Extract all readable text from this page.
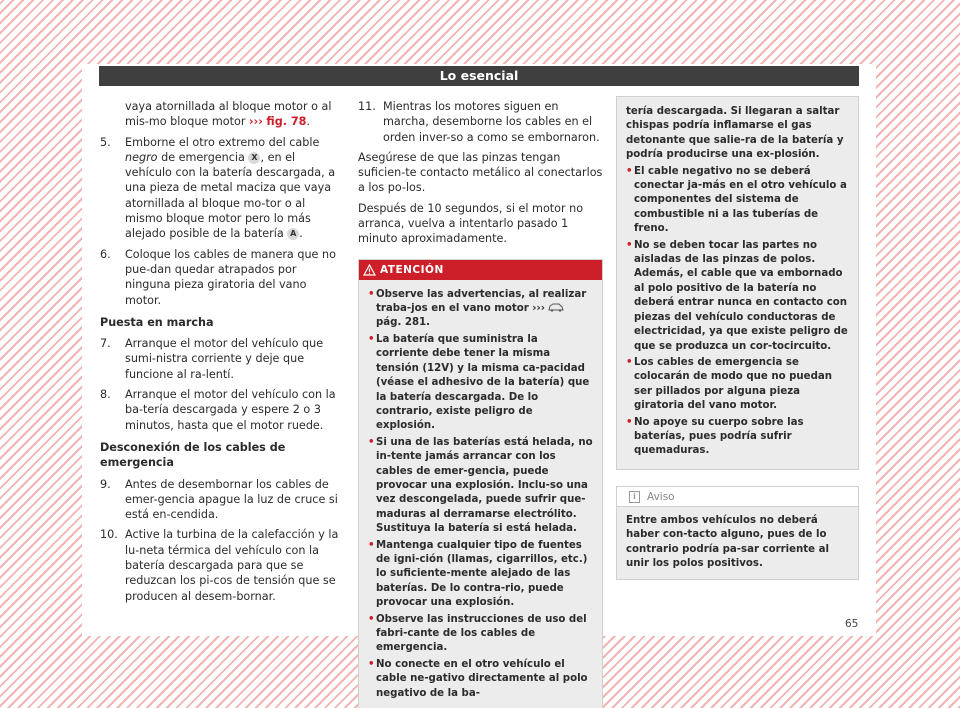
Lo esencial

vaya atornillada al bloque motor o al mis-mo bloque motor ››› fig. 78.

5.	Emborne el otro extremo del cable negro de emergencia X , en el vehículo con la batería descargada, a una pieza de metal maciza que vaya atornillada al bloque mo-tor o al mismo bloque motor pero lo más alejado posible de la batería A .
6.	Coloque los cables de manera que no pue-dan quedar atrapados por ninguna pieza giratoria del vano motor.
Puesta en marcha
7.	Arranque el motor del vehículo que sumi-nistra corriente y deje que funcione al ra-lentí.
8.	Arranque el motor del vehículo con la ba-tería descargada y espere 2 o 3 minutos, hasta que el motor ruede.
Desconexión de los cables de emergencia
9.	Antes de desembornar los cables de emer-gencia apague la luz de cruce si está en-cendida.
10. Active la turbina de la calefacción y la lu-neta térmica del vehículo con la batería descargada para que se reduzcan los pi-cos de tensión que se producen al desem-bornar.
11. Mientras los motores siguen en marcha, desemborne los cables en el orden inver-so a como se embornaron.

Asegúrese de que las pinzas tengan suficien-te contacto metálico al conectarlos a los po-los.

Después de 10 segundos, si el motor no arranca, vuelva a intentarlo pasado 1 minuto aproximadamente.

ATENCIÓN
• Observe las advertencias, al realizar traba-jos en el vano motor ›››  pág. 281.
• La batería que suministra la corriente debe tener la misma tensión (12V) y la misma ca-pacidad (véase el adhesivo de la batería) que la batería descargada. De lo contrario, existe peligro de explosión.
• Si una de las baterías está helada, no in-tente jamás arrancar con los cables de emer-gencia, puede provocar una explosión. Inclu-so una vez descongelada, puede sufrir que-maduras al derramarse electrólito. Sustituya la batería si está helada.
• Mantenga cualquier tipo de fuentes de igni-ción (llamas, cigarrillos, etc.) lo suficiente-mente alejado de las baterías. De lo contra-rio, puede provocar una explosión.
• Observe las instrucciones de uso del fabri-cante de los cables de emergencia.
• No conecte en el otro vehículo el cable ne-gativo directamente al polo negativo de la ba-
tería descargada. Si llegaran a saltar chispas podría inflamarse el gas detonante que salie-ra de la batería y podría producirse una ex-plosión.
• El cable negativo no se deberá conectar ja-más en el otro vehículo a componentes del sistema de combustible ni a las tuberías de freno.
• No se deben tocar las partes no aisladas de las pinzas de polos. Además, el cable que va embornado al polo positivo de la batería no deberá entrar nunca en contacto con piezas del vehículo conductoras de electricidad, ya que existe peligro de que se produzca un cor-tocircuito.
• Los cables de emergencia se colocarán de modo que no puedan ser pillados por alguna pieza giratoria del vano motor.
• No apoye su cuerpo sobre las baterías, pues podría sufrir quemaduras.
i	Aviso
Entre ambos vehículos no deberá haber con-tacto alguno, pues de lo contrario podría pa-sar corriente al unir los polos positivos.
65
